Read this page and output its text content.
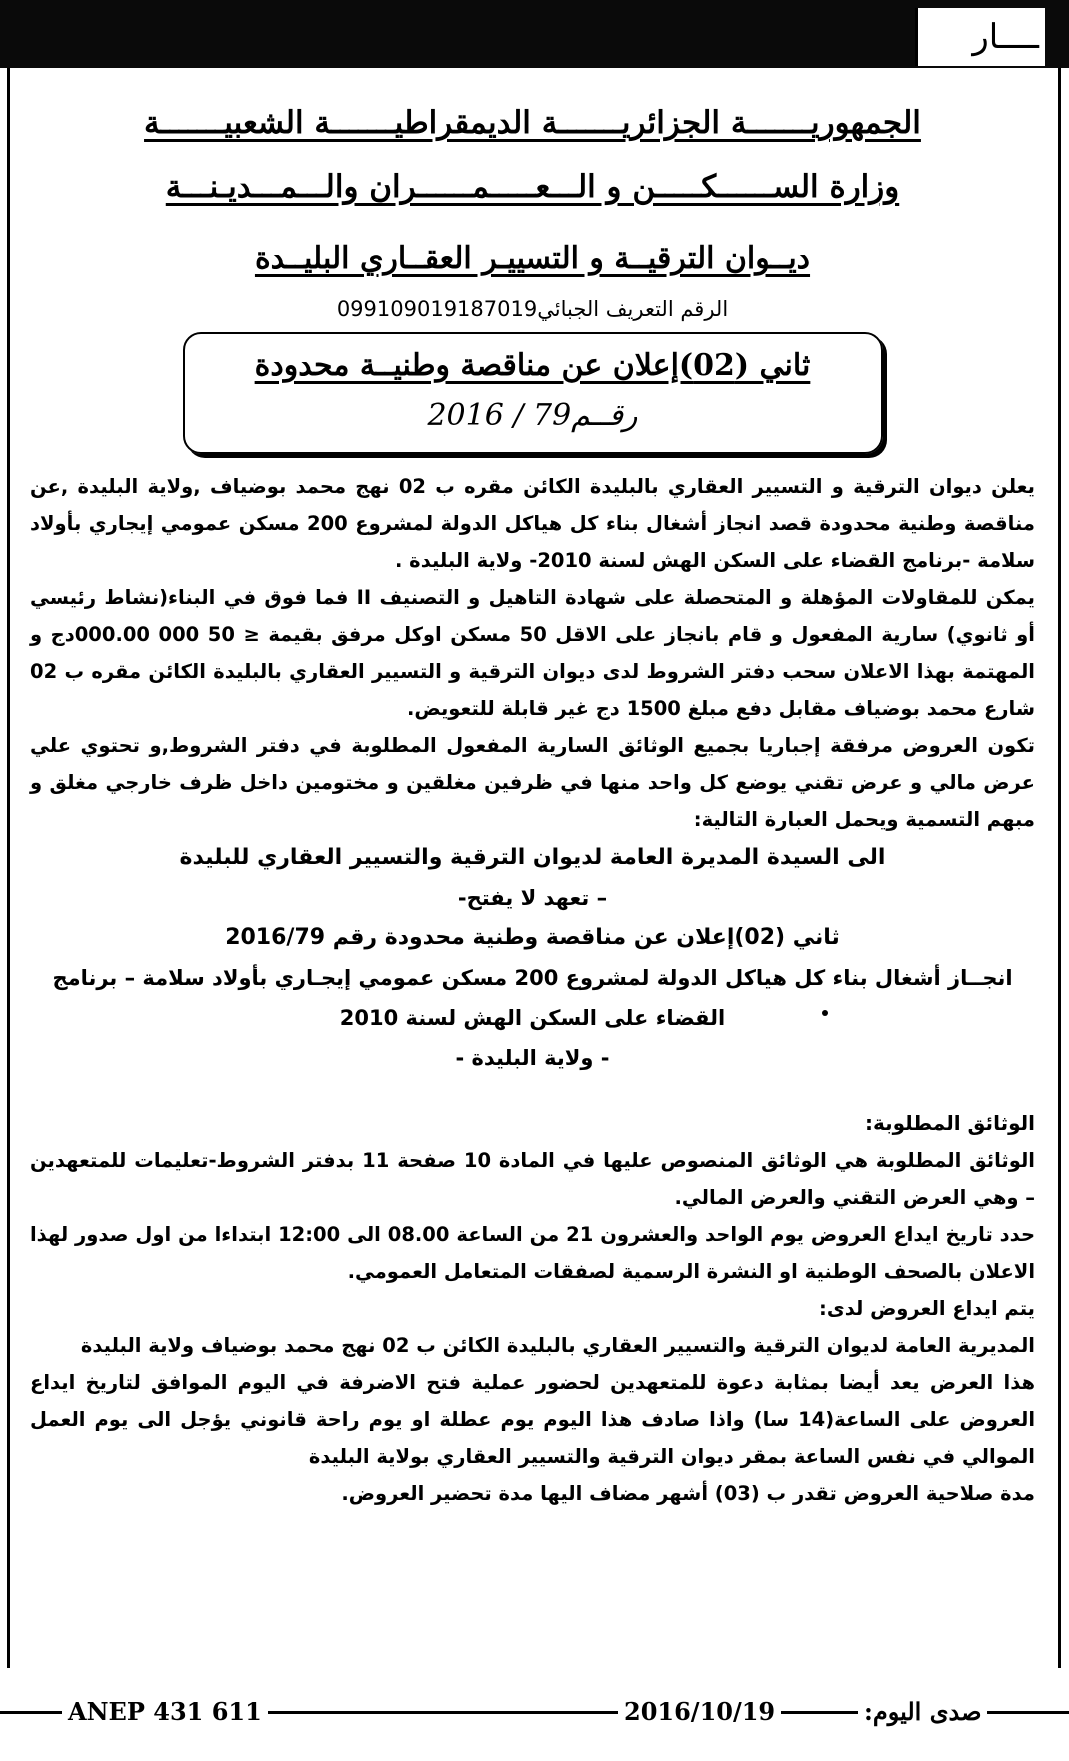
ــــار
الجمهوريـــــــة الجزائريـــــــة الديمقراطيـــــــة الشعبيـــــــة
وزارة الســــــكـــــن و الـــعـــــمــــــران والـــمـــديـنـــة
ديــوان الترقيــة و التسييـر العقــاري البليــدة
الرقم التعريف الجبائي099109019187019
ثاني (02)إعلان عن مناقصة وطنيــة محدودة
رقــم79 / 2016

يعلن ديوان الترقية و التسيير العقاري بالبليدة الكائن مقره ب 02 نهج محمد بوضياف ,ولاية البليدة ,عن مناقصة وطنية محدودة قصد انجاز أشغال بناء كل هياكل الدولة لمشروع 200 مسكن عمومي إيجاري بأولاد سلامة -برنامج القضاء على السكن الهش لسنة 2010- ولاية البليدة .

يمكن للمقاولات المؤهلة و المتحصلة على شهادة التاهيل و التصنيف II فما فوق في البناء(نشاط رئيسي أو ثانوي) سارية المفعول و قام بانجاز على الاقل 50 مسكن اوكل مرفق بقيمة ≤ 50 000 000.00دج و المهتمة بهذا الاعلان سحب دفتر الشروط لدى ديوان الترقية و التسيير العقاري بالبليدة الكائن مقره ب 02 شارع محمد بوضياف مقابل دفع مبلغ 1500 دج غير قابلة للتعويض.

تكون العروض مرفقة إجباريا بجميع الوثائق السارية المفعول المطلوبة في دفتر الشروط,و تحتوي علي عرض مالي و عرض تقني يوضع كل واحد منها في ظرفين مغلقين و مختومين داخل ظرف خارجي مغلق و مبهم التسمية ويحمل العبارة التالية:

الى السيدة المديرة العامة لديوان الترقية والتسيير العقاري للبليدة
– تعهد لا يفتح-
ثاني (02)إعلان عن مناقصة وطنية محدودة رقم 2016/79
انجــاز أشغال بناء كل هياكل الدولة لمشروع 200 مسكن عمومي إيجـاري بأولاد سلامة – برنامج القضاء على السكن الهش لسنة 2010
- ولاية البليدة -
الوثائق المطلوبة:

الوثائق المطلوبة هي الوثائق المنصوص عليها في المادة 10 صفحة 11 بدفتر الشروط-تعليمات للمتعهدين – وهي العرض التقني والعرض المالي.

حدد تاريخ ايداع العروض يوم الواحد والعشرون 21 من الساعة 08.00 الى 12:00 ابتداءا من اول صدور لهذا الاعلان بالصحف الوطنية او النشرة الرسمية لصفقات المتعامل العمومي.

يتم ايداع العروض لدى:

المديرية العامة لديوان الترقية والتسيير العقاري بالبليدة الكائن ب 02 نهج محمد بوضياف ولاية البليدة

هذا العرض يعد أيضا بمثابة دعوة للمتعهدين لحضور عملية فتح الاضرفة في اليوم الموافق لتاريخ ايداع العروض على الساعة(14 سا) واذا صادف هذا اليوم يوم عطلة او يوم راحة قانوني يؤجل الى يوم العمل الموالي في نفس الساعة بمقر ديوان الترقية والتسيير العقاري بولاية البليدة

مدة صلاحية العروض تقدر ب (03) أشهر مضاف اليها مدة تحضير العروض.

ANEP 431 611	2016/10/19	صدى اليوم:
